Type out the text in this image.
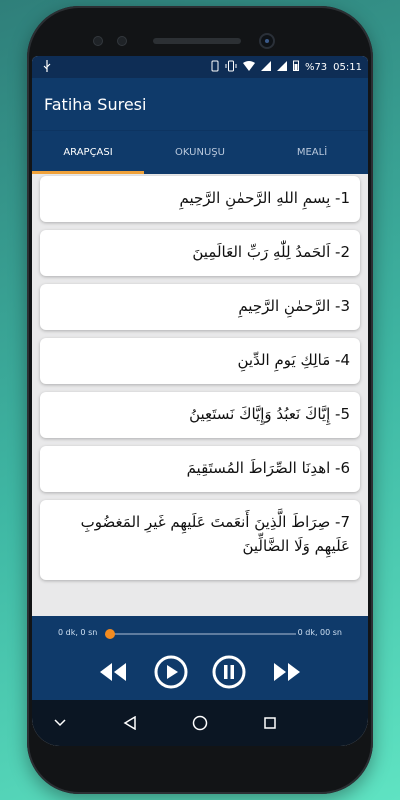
%73 05:11
Fatiha Suresi
ARAPÇASI	OKUNUŞU	MEALİ
1- بِسمِ اللهِ الرَّحمٰنِ الرَّحِيمِ
2- اَلحَمدُ لِلّٰهِ رَبِّ العَالَمِينَ
3- الرَّحمٰنِ الرَّحِيمِ
4- مَالِكِ يَومِ الدِّينِ
5- إِيَّاكَ نَعبُدُ وَإِيَّاكَ نَستَعِينُ
6- اهدِنَا الصِّرَاطَ المُستَقِيمَ
7- صِرَاطَ الَّذِينَ أَنعَمتَ عَلَيهِم غَيرِ المَغضُوبِ عَلَيهِم وَلَا الضَّالِّينَ
0 dk, 0 sn	0 dk, 00 sn
